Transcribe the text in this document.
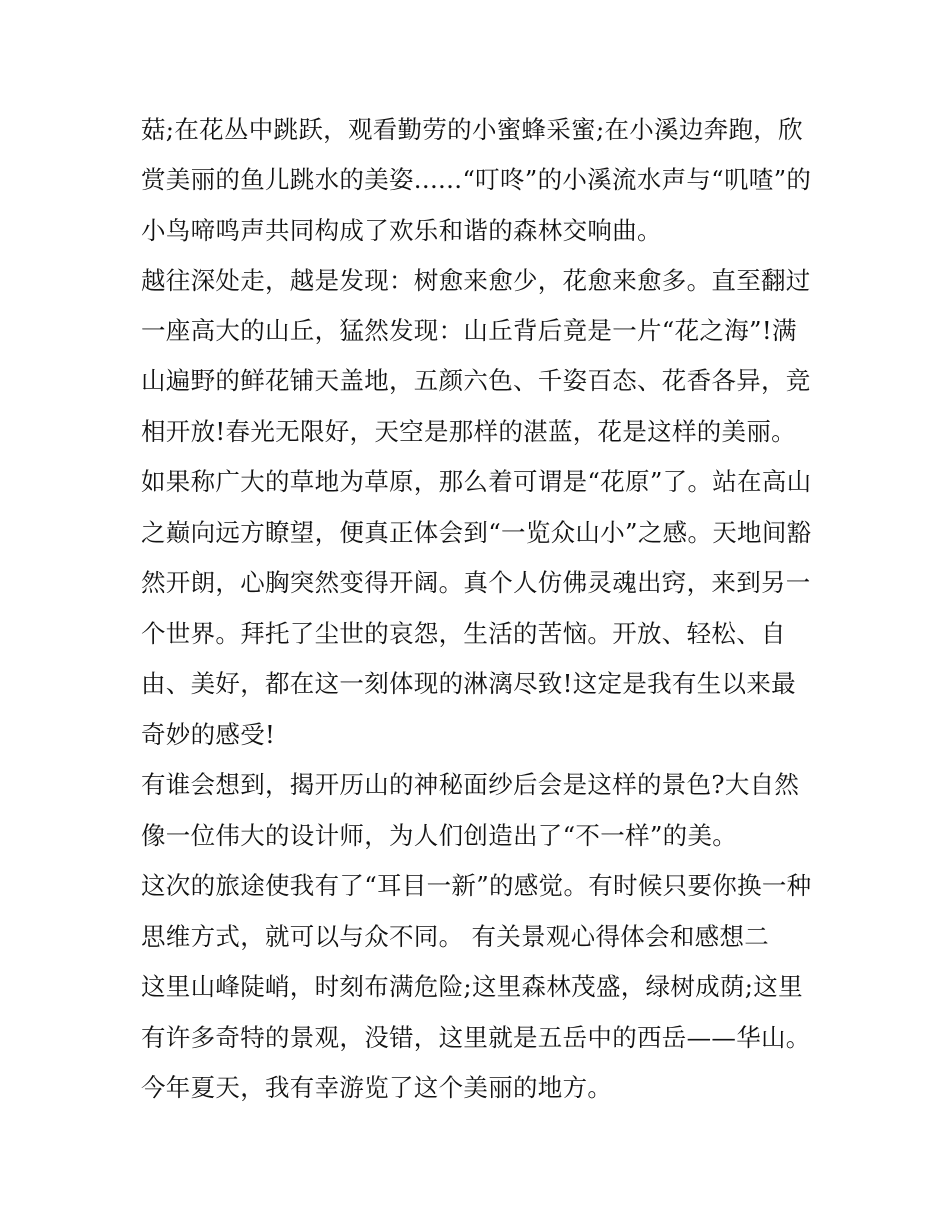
菇;在花丛中跳跃，观看勤劳的小蜜蜂采蜜;在小溪边奔跑，欣
赏美丽的鱼儿跳水的美姿......“叮咚”的小溪流水声与“叽喳”的
小鸟啼鸣声共同构成了欢乐和谐的森林交响曲。
越往深处走，越是发现：树愈来愈少，花愈来愈多。直至翻过
一座高大的山丘，猛然发现：山丘背后竟是一片“花之海”!满
山遍野的鲜花铺天盖地，五颜六色、千姿百态、花香各异，竞
相开放!春光无限好，天空是那样的湛蓝，花是这样的美丽。
如果称广大的草地为草原，那么着可谓是“花原”了。站在高山
之巅向远方瞭望，便真正体会到“一览众山小”之感。天地间豁
然开朗，心胸突然变得开阔。真个人仿佛灵魂出窍，来到另一
个世界。拜托了尘世的哀怨，生活的苦恼。开放、轻松、自
由、美好，都在这一刻体现的淋漓尽致!这定是我有生以来最
奇妙的感受!
有谁会想到，揭开历山的神秘面纱后会是这样的景色?大自然
像一位伟大的设计师，为人们创造出了“不一样”的美。
这次的旅途使我有了“耳目一新”的感觉。有时候只要你换一种
思维方式，就可以与众不同。 有关景观心得体会和感想二
这里山峰陡峭，时刻布满危险;这里森林茂盛，绿树成荫;这里
有许多奇特的景观，没错，这里就是五岳中的西岳——华山。
今年夏天，我有幸游览了这个美丽的地方。
